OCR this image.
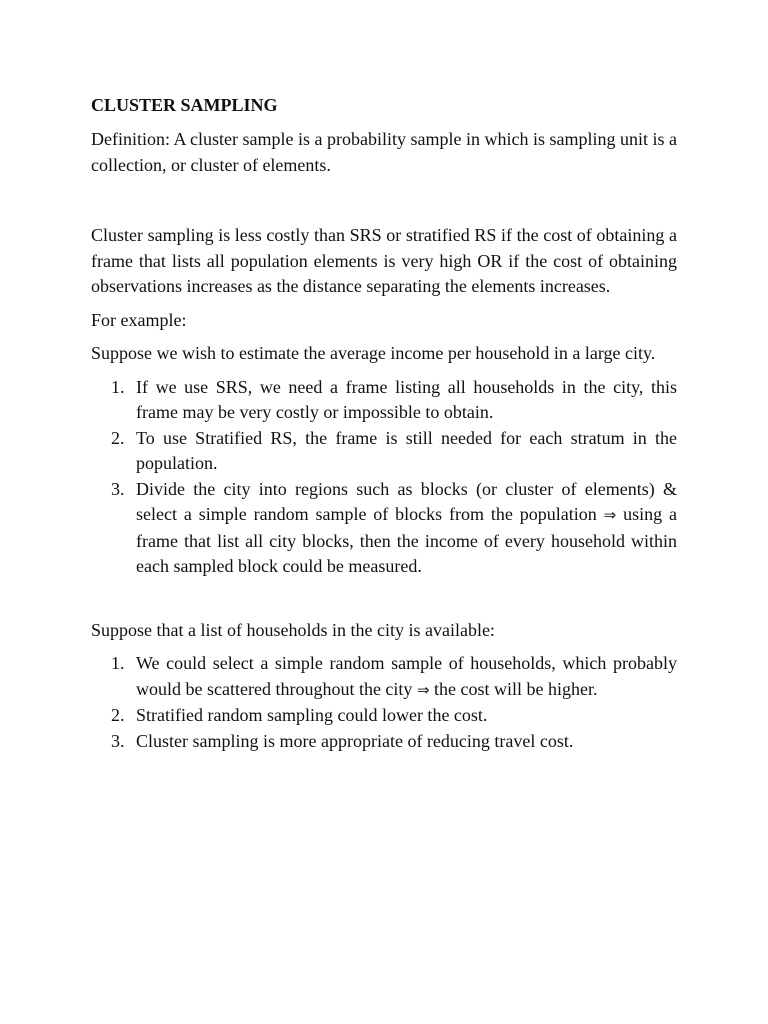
CLUSTER SAMPLING

Definition: A cluster sample is a probability sample in which is sampling unit is a collection, or cluster of elements.

Cluster sampling is less costly than SRS or stratified RS if the cost of obtaining a frame that lists all population elements is very high OR if the cost of obtaining observations increases as the distance separating the elements increases.

For example:

Suppose we wish to estimate the average income per household in a large city.

1. If we use SRS, we need a frame listing all households in the city, this frame may be very costly or impossible to obtain.
2. To use Stratified RS, the frame is still needed for each stratum in the population.
3. Divide the city into regions such as blocks (or cluster of elements) & select a simple random sample of blocks from the population ⇒ using a frame that list all city blocks, then the income of every household within each sampled block could be measured.

Suppose that a list of households in the city is available:

1. We could select a simple random sample of households, which probably would be scattered throughout the city ⇒ the cost will be higher.
2. Stratified random sampling could lower the cost.
3. Cluster sampling is more appropriate of reducing travel cost.
